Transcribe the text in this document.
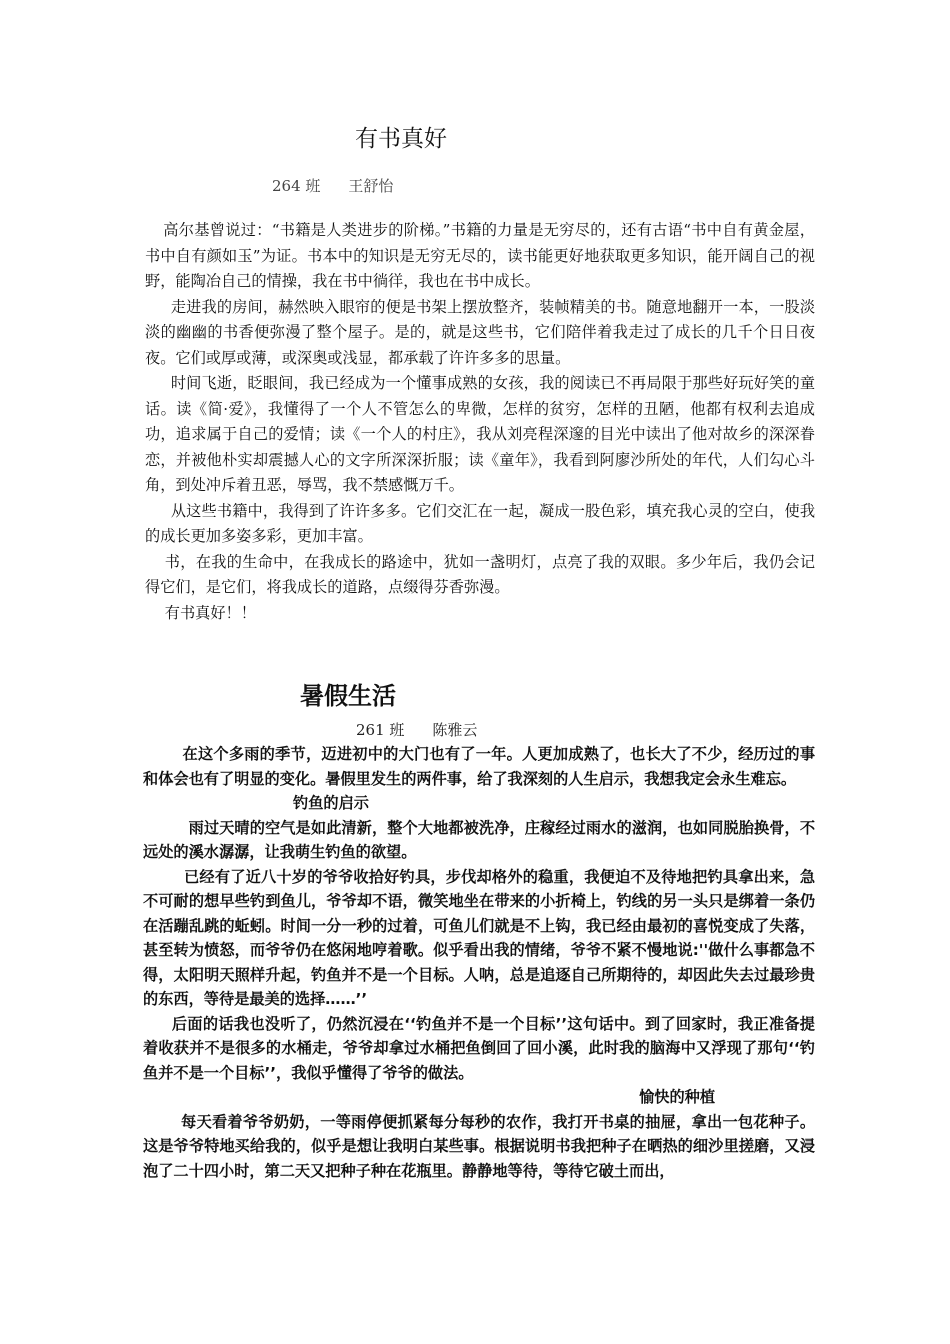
有书真好
264 班 王舒怡

高尔基曾说过：“书籍是人类进步的阶梯。”书籍的力量是无穷尽的，还有古语“书中自有黄金屋，书中自有颜如玉”为证。书本中的知识是无穷无尽的，读书能更好地获取更多知识，能开阔自己的视野，能陶冶自己的情操，我在书中徜徉，我也在书中成长。

走进我的房间，赫然映入眼帘的便是书架上摆放整齐，装帧精美的书。随意地翻开一本，一股淡淡的幽幽的书香便弥漫了整个屋子。是的，就是这些书，它们陪伴着我走过了成长的几千个日日夜夜。它们或厚或薄，或深奥或浅显，都承载了许许多多的思量。

时间飞逝，眨眼间，我已经成为一个懂事成熟的女孩，我的阅读已不再局限于那些好玩好笑的童话。读《简·爱》，我懂得了一个人不管怎么的卑微，怎样的贫穷，怎样的丑陋，他都有权利去追成功，追求属于自己的爱情；读《一个人的村庄》，我从刘亮程深邃的目光中读出了他对故乡的深深眷恋，并被他朴实却震撼人心的文字所深深折服；读《童年》，我看到阿廖沙所处的年代，人们勾心斗角，到处冲斥着丑恶，辱骂，我不禁感慨万千。

从这些书籍中，我得到了许许多多。它们交汇在一起，凝成一股色彩，填充我心灵的空白，使我的成长更加多姿多彩，更加丰富。

书，在我的生命中，在我成长的路途中，犹如一盏明灯，点亮了我的双眼。多少年后，我仍会记得它们，是它们，将我成长的道路，点缀得芬香弥漫。

有书真好！！

暑假生活
261 班 陈雅云

在这个多雨的季节，迈进初中的大门也有了一年。人更加成熟了，也长大了不少，经历过的事和体会也有了明显的变化。暑假里发生的两件事，给了我深刻的人生启示，我想我定会永生难忘。

钓鱼的启示

雨过天晴的空气是如此清新，整个大地都被洗净，庄稼经过雨水的滋润，也如同脱胎换骨，不远处的溪水潺潺，让我萌生钓鱼的欲望。

已经有了近八十岁的爷爷收拾好钓具，步伐却格外的稳重，我便迫不及待地把钓具拿出来，急不可耐的想早些钓到鱼儿，爷爷却不语，微笑地坐在带来的小折椅上，钓线的另一头只是绑着一条仍在活蹦乱跳的蚯蚓。时间一分一秒的过着，可鱼儿们就是不上钩，我已经由最初的喜悦变成了失落，甚至转为愤怒，而爷爷仍在悠闲地哼着歌。似乎看出我的情绪，爷爷不紧不慢地说:''做什么事都急不得，太阳明天照样升起，钓鱼并不是一个目标。人呐，总是追逐自己所期待的，却因此失去过最珍贵的东西，等待是最美的选择……’’

后面的话我也没听了，仍然沉浸在‘‘钓鱼并不是一个目标’’这句话中。到了回家时，我正准备提着收获并不是很多的水桶走，爷爷却拿过水桶把鱼倒回了回小溪，此时我的脑海中又浮现了那句‘‘钓鱼并不是一个目标’’，我似乎懂得了爷爷的做法。

愉快的种植

每天看着爷爷奶奶，一等雨停便抓紧每分每秒的农作，我打开书桌的抽屉，拿出一包花种子。这是爷爷特地买给我的，似乎是想让我明白某些事。根据说明书我把种子在晒热的细沙里搓磨，又浸泡了二十四小时，第二天又把种子种在花瓶里。静静地等待，等待它破土而出，
